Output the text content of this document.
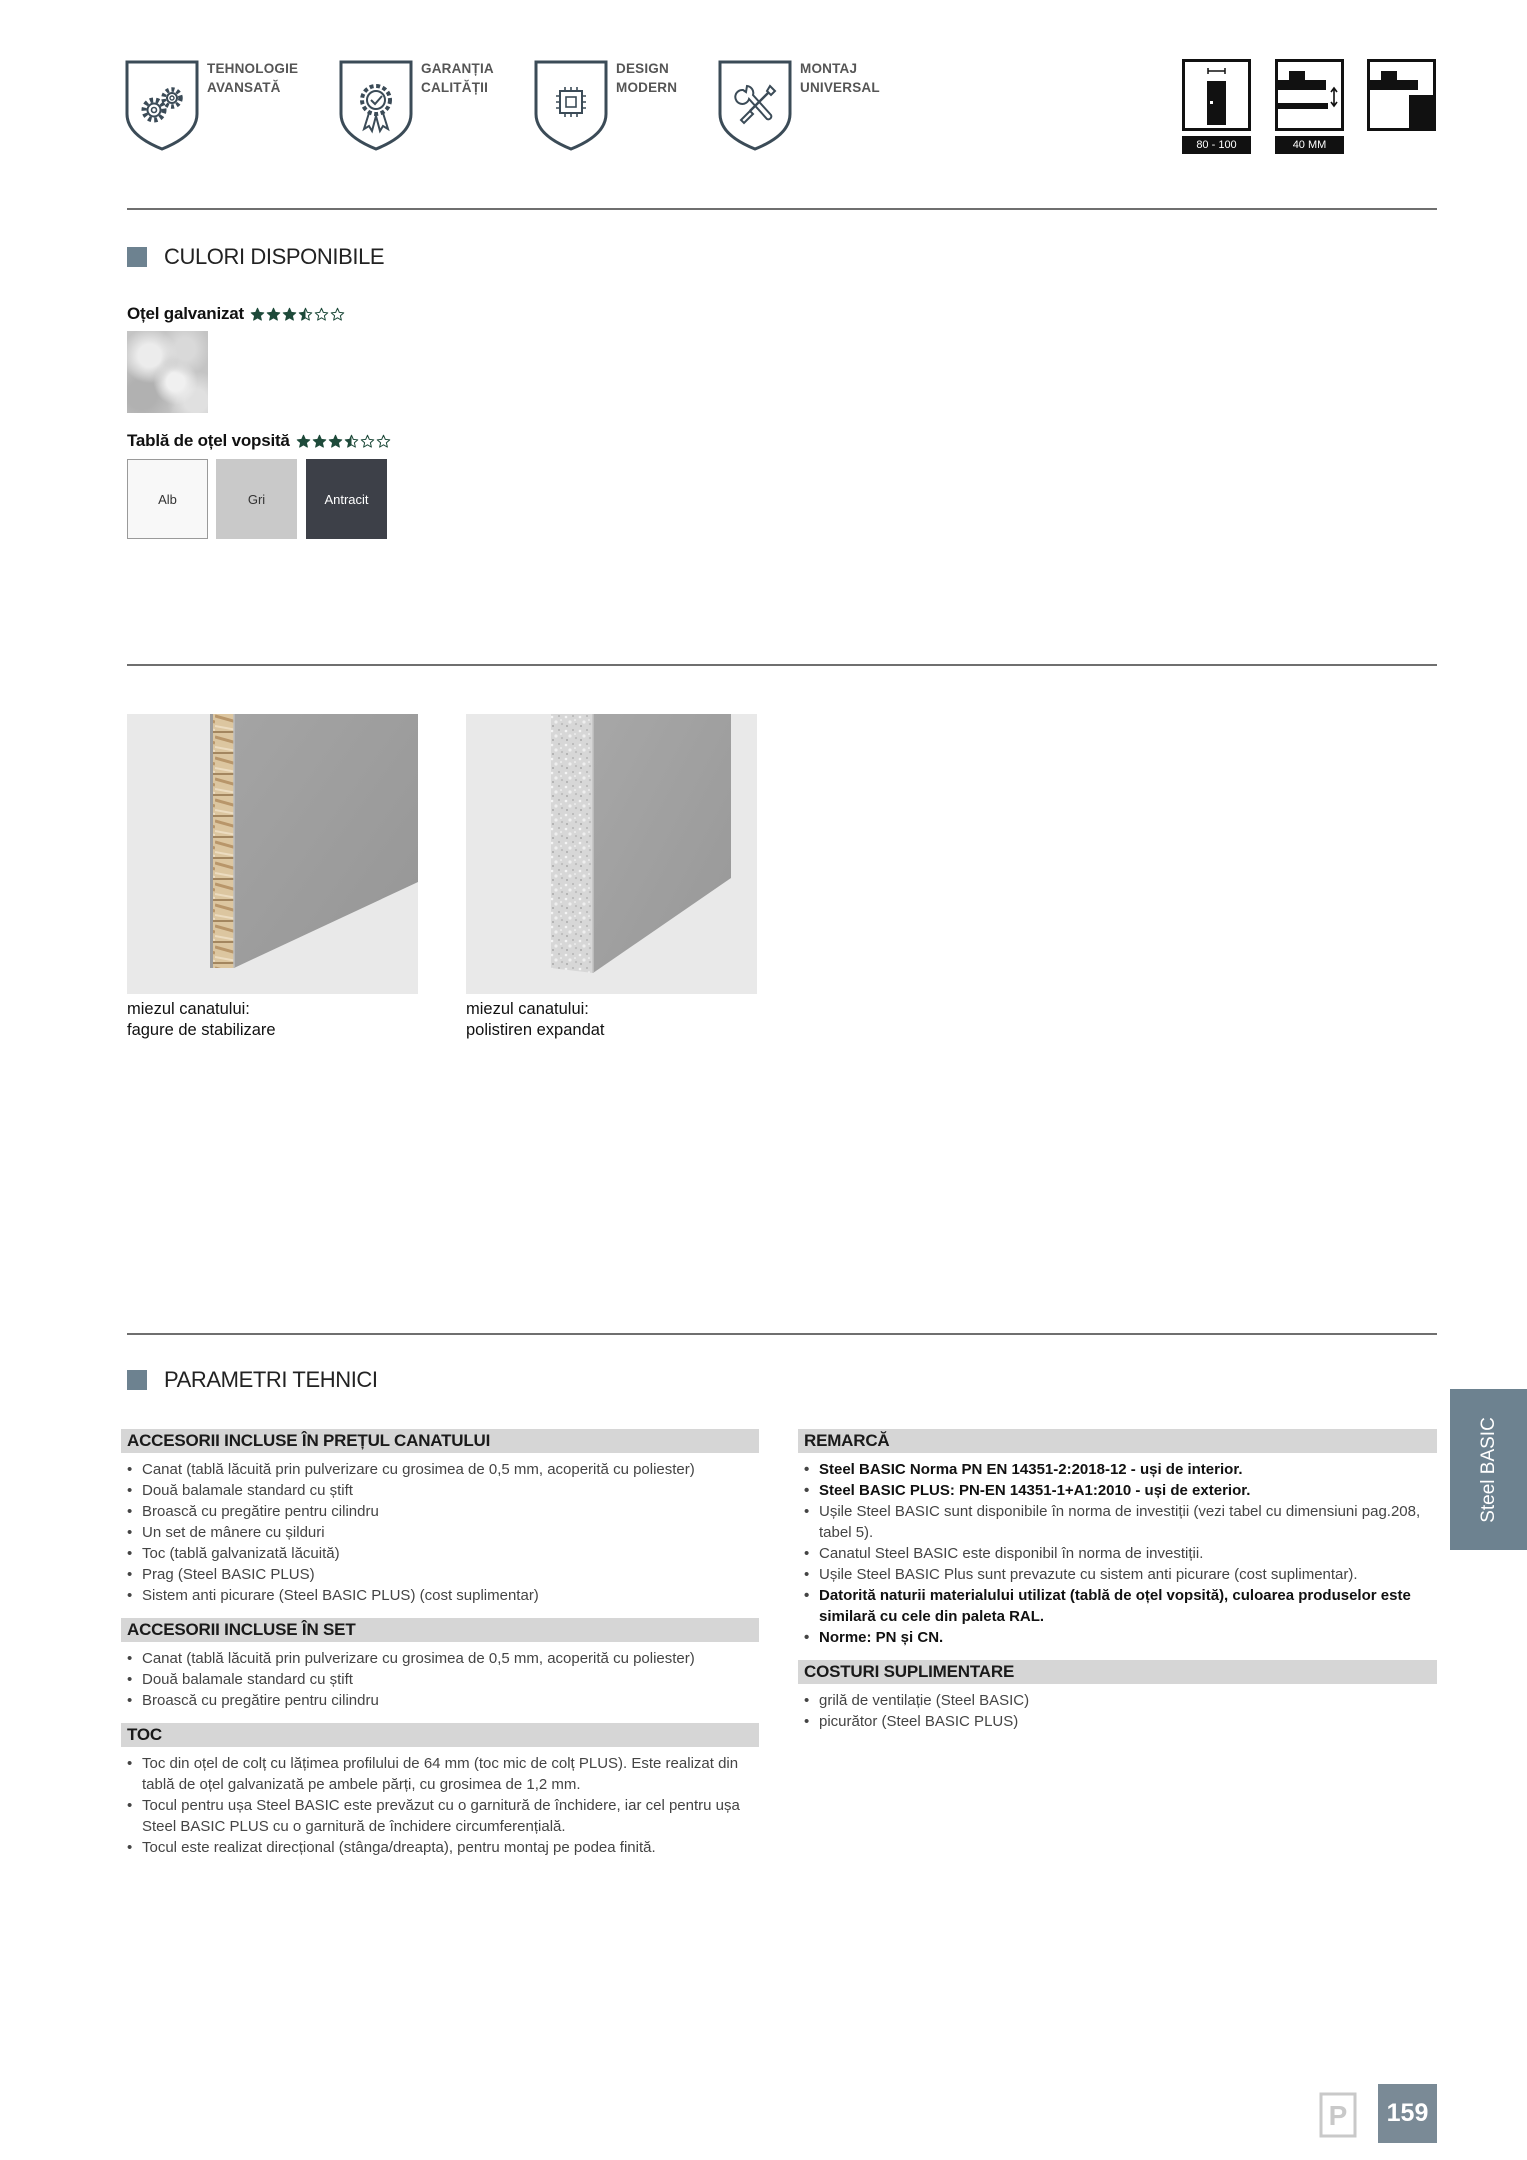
TEHNOLOGIE
AVANSATĂ
GARANȚIA
CALITĂȚII
DESIGN
MODERN
MONTAJ
UNIVERSAL
80 - 100	40 MM
CULORI DISPONIBILE
Oțel galvanizat
Tablă de oțel vopsită
Alb	Gri	Antracit
miezul canatului:
fagure de stabilizare
miezul canatului:
polistiren expandat
PARAMETRI TEHNICI
ACCESORII INCLUSE ÎN PREȚUL CANATULUI
• Canat (tablă lăcuită prin pulverizare cu grosimea de 0,5 mm, acoperită cu poliester)
• Două balamale standard cu știft
• Broască cu pregătire pentru cilindru
• Un set de mânere cu șilduri
• Toc (tablă galvanizată lăcuită)
• Prag (Steel BASIC PLUS)
• Sistem anti picurare (Steel BASIC PLUS) (cost suplimentar)
ACCESORII INCLUSE ÎN SET
• Canat (tablă lăcuită prin pulverizare cu grosimea de 0,5 mm, acoperită cu poliester)
• Două balamale standard cu știft
• Broască cu pregătire pentru cilindru
TOC
• Toc din oțel de colț cu lățimea profilului de 64 mm (toc mic de colț PLUS). Este realizat din tablă de oțel galvanizată pe ambele părți, cu grosimea de 1,2 mm.
• Tocul pentru ușa Steel BASIC este prevăzut cu o garnitură de închidere, iar cel pentru ușa Steel BASIC PLUS cu o garnitură de închidere circumferențială.
• Tocul este realizat direcțional (stânga/dreapta), pentru montaj pe podea finită.
REMARCĂ
• Steel BASIC Norma PN EN 14351-2:2018-12 - uși de interior.
• Steel BASIC PLUS: PN-EN 14351-1+A1:2010 - uși de exterior.
• Ușile Steel BASIC sunt disponibile în norma de investiții (vezi tabel cu dimensiuni pag.208, tabel 5).
• Canatul Steel BASIC este disponibil în norma de investiții.
• Ușile Steel BASIC Plus sunt prevazute cu sistem anti picurare (cost suplimentar).
• Datorită naturii materialului utilizat (tablă de oțel vopsită), culoarea produselor este similară cu cele din paleta RAL.
• Norme: PN și CN.
COSTURI SUPLIMENTARE
• grilă de ventilație (Steel BASIC)
• picurător (Steel BASIC PLUS)
Steel BASIC
P	159
